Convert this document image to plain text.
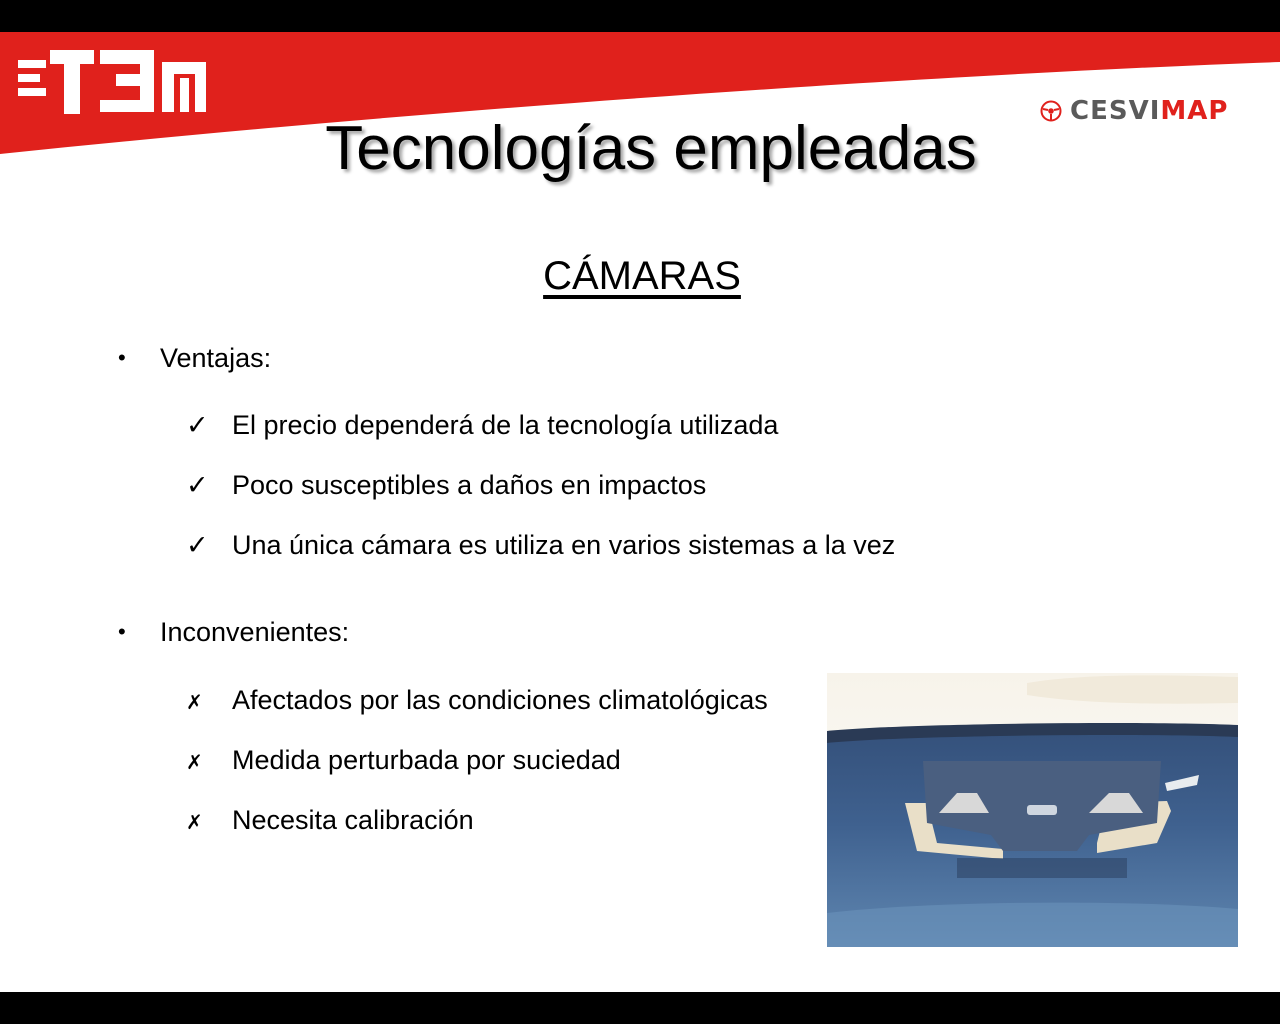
CESVIMAP
Tecnologías empleadas
CÁMARAS
• Ventajas:
✓ El precio dependerá de la tecnología utilizada
✓ Poco susceptibles a daños en impactos
✓ Una única cámara es utiliza en varios sistemas a la vez
• Inconvenientes:
✗ Afectados por las condiciones climatológicas
✗ Medida perturbada por suciedad
✗ Necesita calibración
